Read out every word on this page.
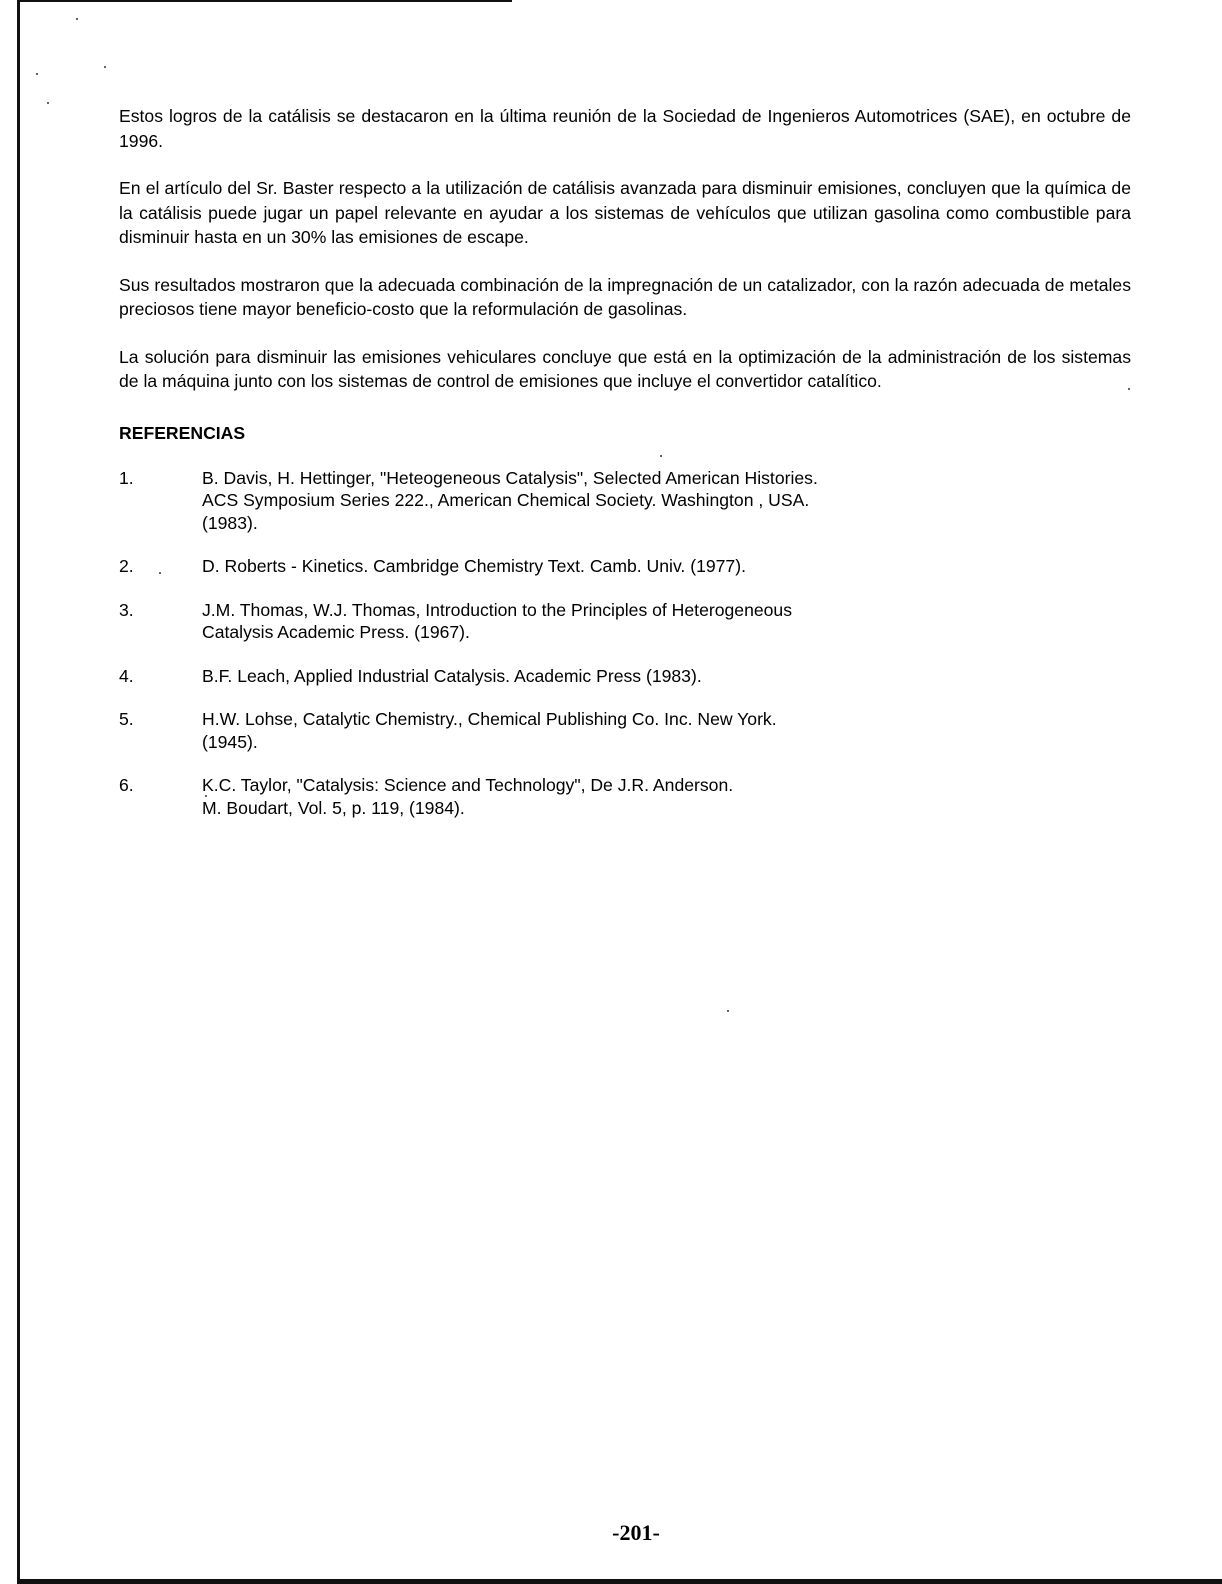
Estos logros de la catálisis se destacaron en la última reunión de la Sociedad de Ingenieros Automotrices (SAE), en octubre de 1996.

En el artículo del Sr. Baster respecto a la utilización de catálisis avanzada para disminuir emisiones, concluyen que la química de la catálisis puede jugar un papel relevante en ayudar a los sistemas de vehículos que utilizan gasolina como combustible para disminuir hasta en un 30% las emisiones de escape.

Sus resultados mostraron que la adecuada combinación de la impregnación de un catalizador, con la razón adecuada de metales preciosos tiene mayor beneficio-costo que la reformulación de gasolinas.

La solución para disminuir las emisiones vehiculares concluye que está en la optimización de la administración de los sistemas de la máquina junto con los sistemas de control de emisiones que incluye el convertidor catalítico.

REFERENCIAS
1.	B. Davis, H. Hettinger, "Heteogeneous Catalysis", Selected American Histories.
ACS Symposium Series 222., American Chemical Society. Washington , USA.
(1983).
2.	D. Roberts - Kinetics. Cambridge Chemistry Text. Camb. Univ. (1977).
3.	J.M. Thomas, W.J. Thomas, Introduction to the Principles of Heterogeneous
Catalysis Academic Press. (1967).
4.	B.F. Leach, Applied Industrial Catalysis. Academic Press (1983).
5.	H.W. Lohse, Catalytic Chemistry., Chemical Publishing Co. Inc. New York.
(1945).
6.	K.C. Taylor, "Catalysis: Science and Technology", De J.R. Anderson.
M. Boudart, Vol. 5, p. 119, (1984).
-201-
